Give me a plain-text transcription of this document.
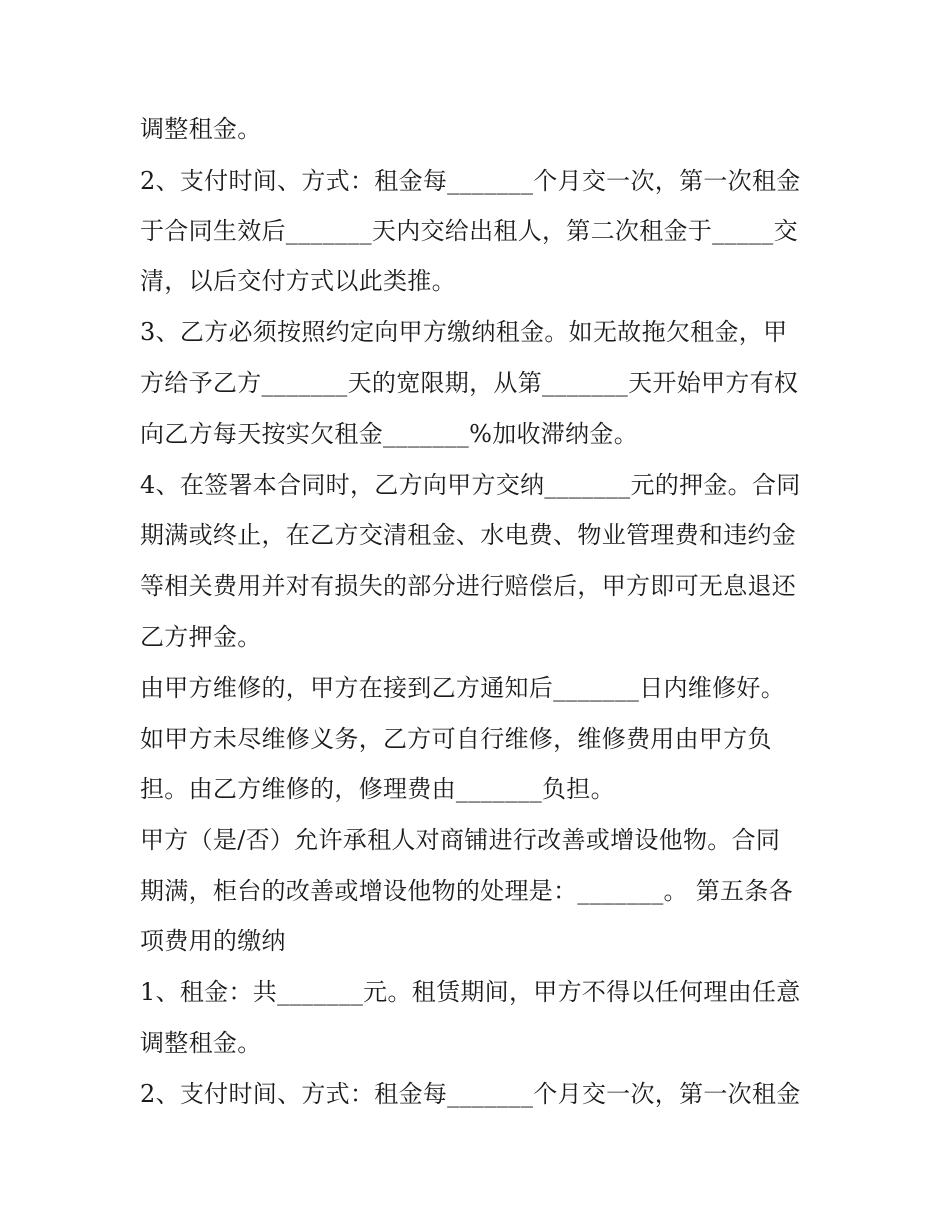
调整租金。

2、支付时间、方式：租金每_______个月交一次，第一次租金

于合同生效后_______天内交给出租人，第二次租金于_____交

清，以后交付方式以此类推。

3、乙方必须按照约定向甲方缴纳租金。如无故拖欠租金，甲

方给予乙方_______天的宽限期，从第_______天开始甲方有权

向乙方每天按实欠租金_______%加收滞纳金。

4、在签署本合同时，乙方向甲方交纳_______元的押金。合同

期满或终止，在乙方交清租金、水电费、物业管理费和违约金

等相关费用并对有损失的部分进行赔偿后，甲方即可无息退还

乙方押金。

由甲方维修的，甲方在接到乙方通知后_______日内维修好。

如甲方未尽维修义务，乙方可自行维修，维修费用由甲方负

担。由乙方维修的，修理费由_______负担。

甲方（是/否）允许承租人对商铺进行改善或增设他物。合同

期满，柜台的改善或增设他物的处理是：_______。 第五条各

项费用的缴纳

1、租金：共_______元。租赁期间，甲方不得以任何理由任意

调整租金。

2、支付时间、方式：租金每_______个月交一次，第一次租金
